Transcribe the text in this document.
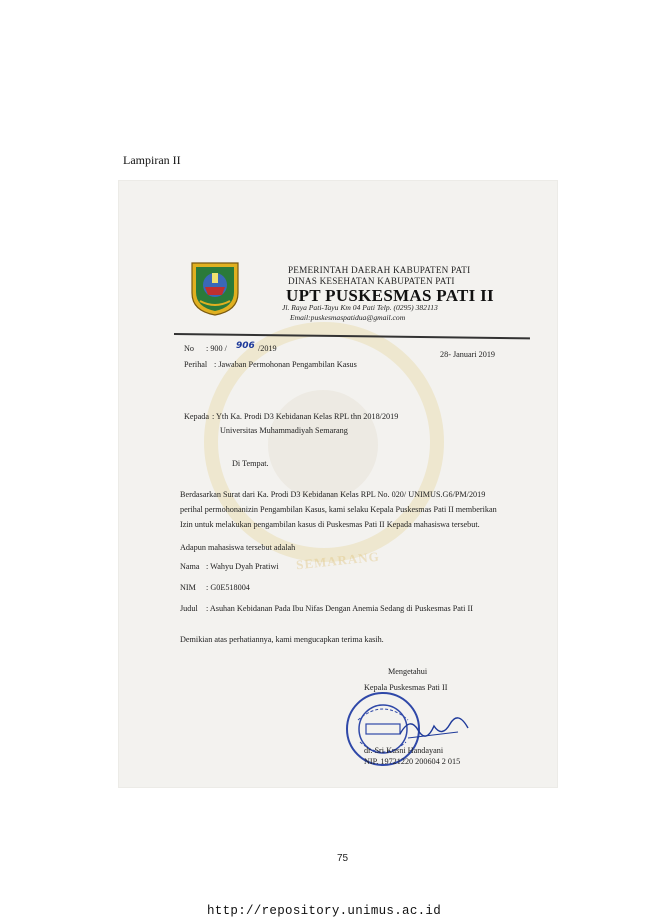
Lampiran II
SEMARANG
PEMERINTAH DAERAH KABUPATEN PATI
DINAS KESEHATAN KABUPATEN PATI
UPT PUSKESMAS PATI II
Jl. Raya Pati-Tayu Km 04 Pati Telp. (0295) 382113
Email:puskesmaspatidua@gmail.com
No : 900 / 906 /2019
28- Januari 2019
Perihal : Jawaban Permohonan Pengambilan Kasus
Kepada : Yth Ka. Prodi D3 Kebidanan Kelas RPL thn 2018/2019
Universitas Muhammadiyah Semarang
Di Tempat.
Berdasarkan Surat dari Ka. Prodi D3 Kebidanan Kelas RPL No. 020/ UNIMUS.G6/PM/2019
perihal permohonanizin Pengambilan Kasus, kami selaku Kepala Puskesmas Pati II memberikan
Izin untuk melakukan pengambilan kasus di Puskesmas Pati II Kepada mahasiswa tersebut.
Adapun mahasiswa tersebut adalah
Nama : Wahyu Dyah Pratiwi
NIM : G0E518004
Judul : Asuhan Kebidanan Pada Ibu Nifas Dengan Anemia Sedang di Puskesmas Pati II
Demikian atas perhatiannya, kami mengucapkan terima kasih.
Mengetahui
Kepala Puskesmas Pati II
dr. Sri Kusni Handayani
NIP. 19721220 200604 2 015
75
http://repository.unimus.ac.id
